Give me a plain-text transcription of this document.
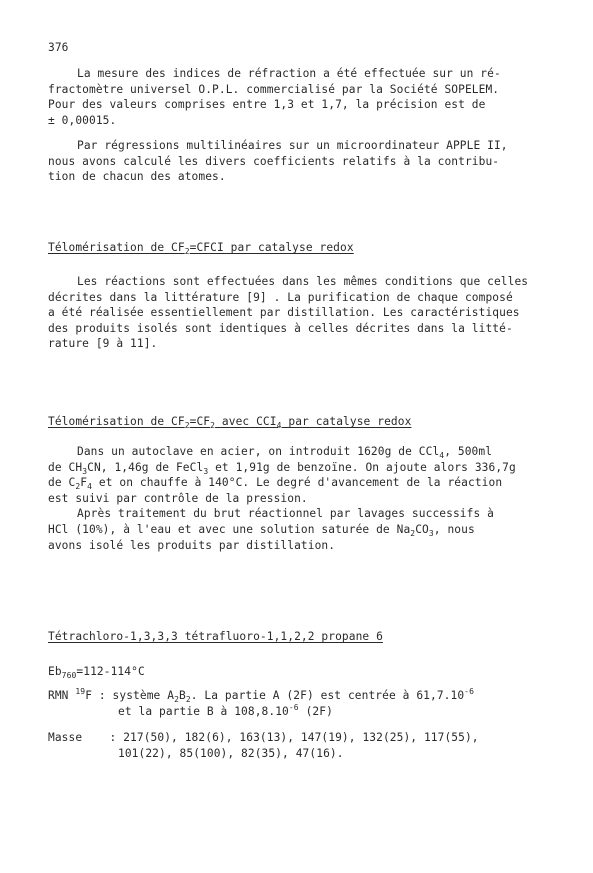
376
La mesure des indices de réfraction a été effectuée sur un ré-
fractomètre universel O.P.L. commercialisé par la Société SOPELEM.
Pour des valeurs comprises entre 1,3 et 1,7, la précision est de
± 0,00015.
Par régressions multilinéaires sur un microordinateur APPLE II,
nous avons calculé les divers coefficients relatifs à la contribu-
tion de chacun des atomes.
Télomérisation de $CF_2=CFCI$ par catalyse redox
Les réactions sont effectuées dans les mêmes conditions que celles
décrites dans la littérature [9] . La purification de chaque composé
a été réalisée essentiellement par distillation. Les caractéristiques
des produits isolés sont identiques à celles décrites dans la litté-
rature [9 à 11].
Télomérisation de $CF_2=CF_2$ avec $CCI_4$ par catalyse redox
Dans un autoclave en acier, on introduit 1620g de CCl$_4$, 500ml
de $CH_3CN$, 1,46g de FeCl$_3$ et 1,91g de benzoïne. On ajoute alors 336,7g
de $C_2F_4$ et on chauffe à 140°C. Le degré d'avancement de la réaction
est suivi par contrôle de la pression.
Après traitement du brut réactionnel par lavages successifs à
HCl (10%), à l'eau et avec une solution saturée de $Na_2CO_3$, nous
avons isolé les produits par distillation.
Tétrachloro-1,3,3,3 tétrafluoro-1,1,2,2 propane 6
$Eb_{760}=112-114^\circ C$
RMN $^{19}$F : système $A_2B_2$. La partie A (2F) est centrée à $61,7.10^{-6}$
et la partie B à $108,8.10^{-6}$ (2F)
Masse : 217(50), 182(6), 163(13), 147(19), 132(25), 117(55),
101(22), 85(100), 82(35), 47(16).
